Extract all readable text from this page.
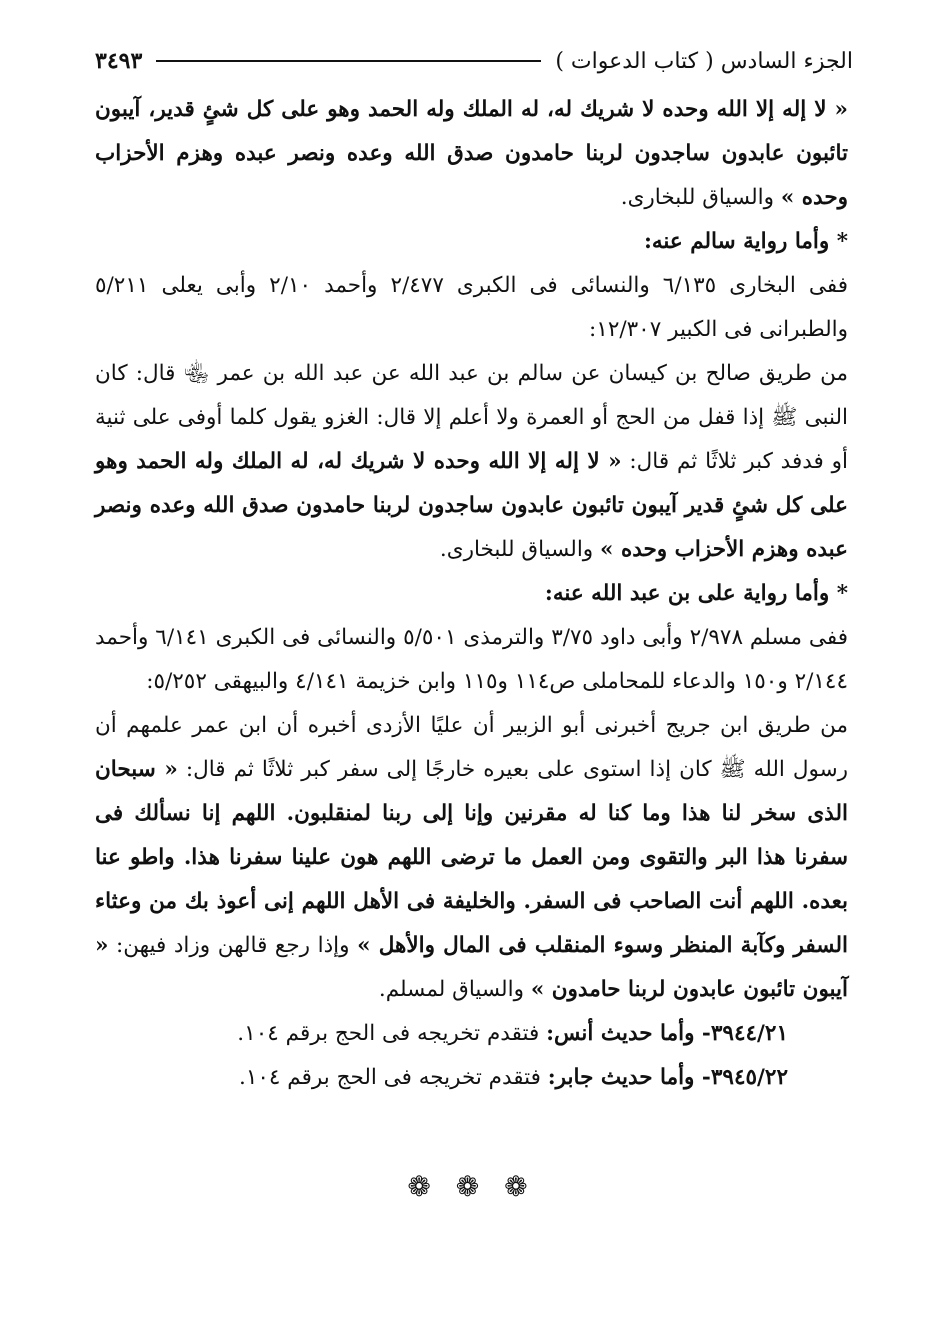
الجزء السادس ( كتاب الدعوات )
٣٤٩٣

« لا إله إلا الله وحده لا شريك له، له الملك وله الحمد وهو على كل شئٍ قدير، آيبون تائبون عابدون ساجدون لربنا حامدون صدق الله وعده ونصر عبده وهزم الأحزاب وحده » والسياق للبخارى.

* وأما رواية سالم عنه:

ففى البخارى ٦/١٣٥ والنسائى فى الكبرى ٢/٤٧٧ وأحمد ٢/١٠ وأبى يعلى ٥/٢١١ والطبرانى فى الكبير ١٢/٣٠٧:

من طريق صالح بن كيسان عن سالم بن عبد الله عن عبد الله بن عمر ﵄ قال: كان النبى ﷺ إذا قفل من الحج أو العمرة ولا أعلم إلا قال: الغزو يقول كلما أوفى على ثنية أو فدفد كبر ثلاثًا ثم قال: « لا إله إلا الله وحده لا شريك له، له الملك وله الحمد وهو على كل شئٍ قدير آيبون تائبون عابدون ساجدون لربنا حامدون صدق الله وعده ونصر عبده وهزم الأحزاب وحده » والسياق للبخارى.

* وأما رواية على بن عبد الله عنه:

ففى مسلم ٢/٩٧٨ وأبى داود ٣/٧٥ والترمذى ٥/٥٠١ والنسائى فى الكبرى ٦/١٤١ وأحمد ٢/١٤٤ و١٥٠ والدعاء للمحاملى ص١١٤ و١١٥ وابن خزيمة ٤/١٤١ والبيهقى ٥/٢٥٢:

من طريق ابن جريج أخبرنى أبو الزبير أن عليًا الأزدى أخبره أن ابن عمر علمهم أن رسول الله ﷺ كان إذا استوى على بعيره خارجًا إلى سفر كبر ثلاثًا ثم قال: « سبحان الذى سخر لنا هذا وما كنا له مقرنين وإنا إلى ربنا لمنقلبون. اللهم إنا نسألك فى سفرنا هذا البر والتقوى ومن العمل ما ترضى اللهم هون علينا سفرنا هذا. واطو عنا بعده. اللهم أنت الصاحب فى السفر. والخليفة فى الأهل اللهم إنى أعوذ بك من وعثاء السفر وكآبة المنظر وسوء المنقلب فى المال والأهل » وإذا رجع قالهن وزاد فيهن: « آيبون تائبون عابدون لربنا حامدون » والسياق لمسلم.

٣٩٤٤/٢١- وأما حديث أنس: فتقدم تخريجه فى الحج برقم ١٠٤.

٣٩٤٥/٢٢- وأما حديث جابر: فتقدم تخريجه فى الحج برقم ١٠٤.

❁ ❁ ❁
